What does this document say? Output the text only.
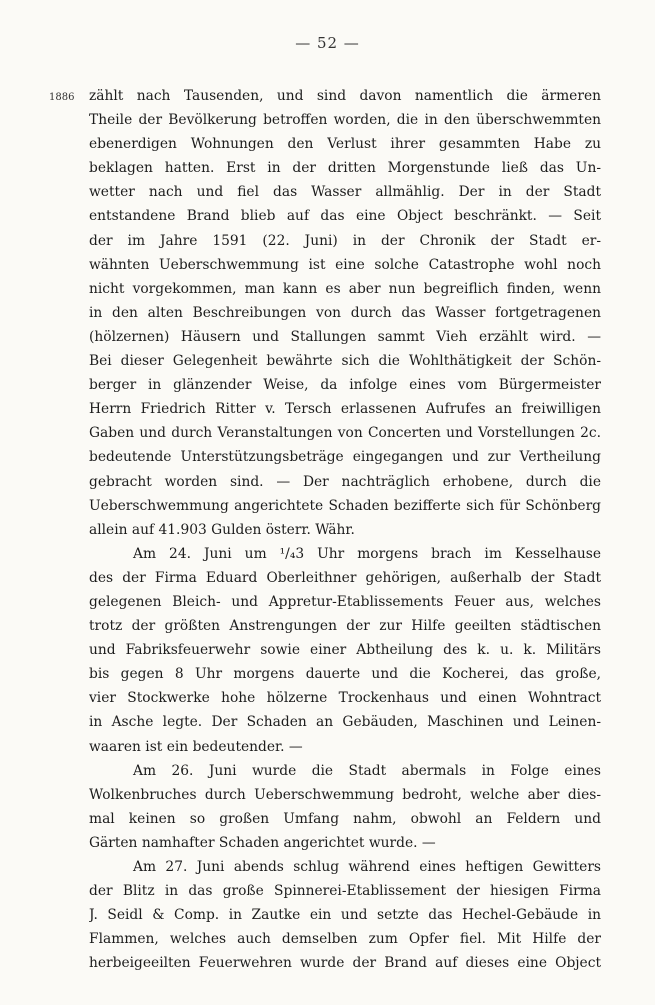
— 52 —
1886 zählt nach Tausenden, und sind davon namentlich die ärmeren
Theile der Bevölkerung betroffen worden, die in den überschwemmten
ebenerdigen Wohnungen den Verlust ihrer gesammten Habe zu
beklagen hatten. Erst in der dritten Morgenstunde ließ das Un-
wetter nach und fiel das Wasser allmählig. Der in der Stadt
entstandene Brand blieb auf das eine Object beschränkt. — Seit
der im Jahre 1591 (22. Juni) in der Chronik der Stadt er-
wähnten Ueberschwemmung ist eine solche Catastrophe wohl noch
nicht vorgekommen, man kann es aber nun begreiflich finden, wenn
in den alten Beschreibungen von durch das Wasser fortgetragenen
(hölzernen) Häusern und Stallungen sammt Vieh erzählt wird. —
Bei dieser Gelegenheit bewährte sich die Wohlthätigkeit der Schön-
berger in glänzender Weise, da infolge eines vom Bürgermeister
Herrn Friedrich Ritter v. Tersch erlassenen Aufrufes an freiwilligen
Gaben und durch Veranstaltungen von Concerten und Vorstellungen 2c.
bedeutende Unterstützungsbeträge eingegangen und zur Vertheilung
gebracht worden sind. — Der nachträglich erhobene, durch die
Ueberschwemmung angerichtete Schaden bezifferte sich für Schönberg
allein auf 41.903 Gulden österr. Währ.
Am 24. Juni um ¹/₄3 Uhr morgens brach im Kesselhause
des der Firma Eduard Oberleithner gehörigen, außerhalb der Stadt
gelegenen Bleich- und Appretur-Etablissements Feuer aus, welches
trotz der größten Anstrengungen der zur Hilfe geeilten städtischen
und Fabriksfeuerwehr sowie einer Abtheilung des k. u. k. Militärs
bis gegen 8 Uhr morgens dauerte und die Kocherei, das große,
vier Stockwerke hohe hölzerne Trockenhaus und einen Wohntract
in Asche legte. Der Schaden an Gebäuden, Maschinen und Leinen-
waaren ist ein bedeutender. —
Am 26. Juni wurde die Stadt abermals in Folge eines
Wolkenbruches durch Ueberschwemmung bedroht, welche aber dies-
mal keinen so großen Umfang nahm, obwohl an Feldern und
Gärten namhafter Schaden angerichtet wurde. —
Am 27. Juni abends schlug während eines heftigen Gewitters
der Blitz in das große Spinnerei-Etablissement der hiesigen Firma
J. Seidl & Comp. in Zautke ein und setzte das Hechel-Gebäude in
Flammen, welches auch demselben zum Opfer fiel. Mit Hilfe der
herbeigeeilten Feuerwehren wurde der Brand auf dieses eine Object
